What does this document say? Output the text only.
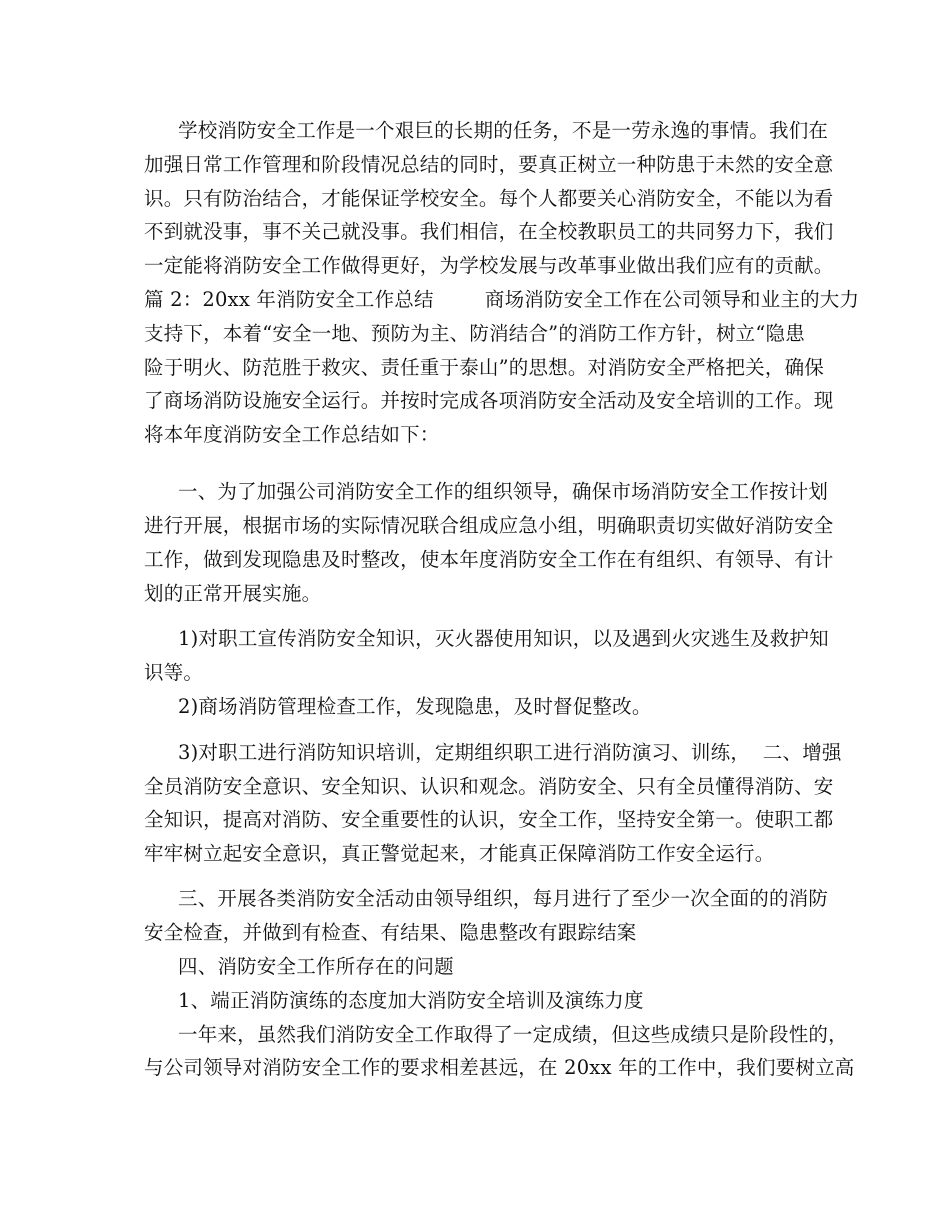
学校消防安全工作是一个艰巨的长期的任务，不是一劳永逸的事情。我们在
加强日常工作管理和阶段情况总结的同时，要真正树立一种防患于未然的安全意
识。只有防治结合，才能保证学校安全。每个人都要关心消防安全，不能以为看
不到就没事，事不关己就没事。我们相信，在全校教职员工的共同努力下，我们
一定能将消防安全工作做得更好，为学校发展与改革事业做出我们应有的贡献。
篇 2：20xx 年消防安全工作总结        商场消防安全工作在公司领导和业主的大力
支持下，本着“安全一地、预防为主、防消结合”的消防工作方针，树立“隐患
险于明火、防范胜于救灾、责任重于泰山”的思想。对消防安全严格把关，确保
了商场消防设施安全运行。并按时完成各项消防安全活动及安全培训的工作。现
将本年度消防安全工作总结如下：
一、为了加强公司消防安全工作的组织领导，确保市场消防安全工作按计划
进行开展，根据市场的实际情况联合组成应急小组，明确职责切实做好消防安全
工作，做到发现隐患及时整改，使本年度消防安全工作在有组织、有领导、有计
划的正常开展实施。
1)对职工宣传消防安全知识，灭火器使用知识，以及遇到火灾逃生及救护知
识等。
2)商场消防管理检查工作，发现隐患，及时督促整改。
3)对职工进行消防知识培训，定期组织职工进行消防演习、训练，  二、增强
全员消防安全意识、安全知识、认识和观念。消防安全、只有全员懂得消防、安
全知识，提高对消防、安全重要性的认识，安全工作，坚持安全第一。使职工都
牢牢树立起安全意识，真正警觉起来，才能真正保障消防工作安全运行。
三、开展各类消防安全活动由领导组织，每月进行了至少一次全面的的消防
安全检查，并做到有检查、有结果、隐患整改有跟踪结案
四、消防安全工作所存在的问题
1、端正消防演练的态度加大消防安全培训及演练力度
一年来，虽然我们消防安全工作取得了一定成绩，但这些成绩只是阶段性的，
与公司领导对消防安全工作的要求相差甚远，在 20xx 年的工作中，我们要树立高
